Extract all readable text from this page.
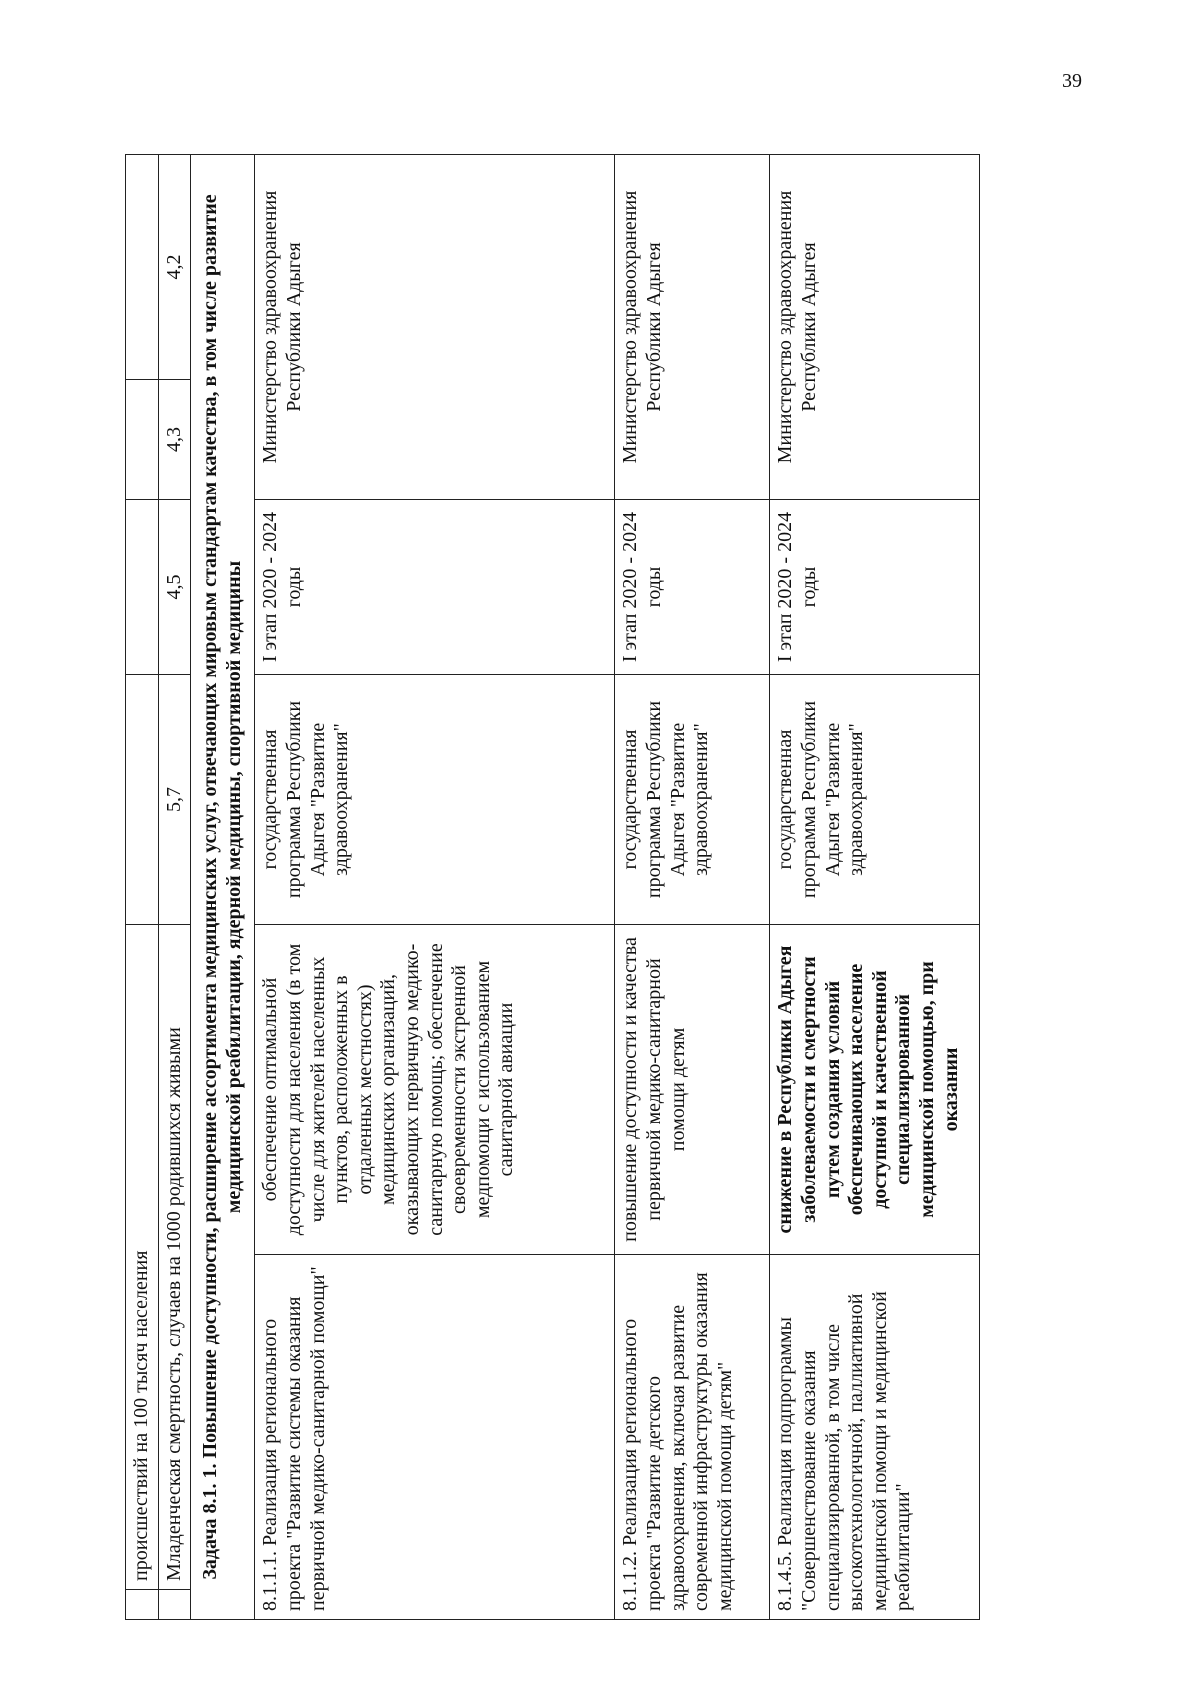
39
	происшествий на 100 тысяч населения					
	Младенческая смертность, случаев на 1000 родившихся живыми		5,7	4,5	4,3	4,2
Задача 8.1. 1. Повышение доступности, расширение ассортимента медицинских услуг, отвечающих мировым стандартам качества, в том числе развитие медицинской реабилитации, ядерной медицины, спортивной медицины						
8.1.1.1. Реализация регионального проекта "Развитие системы оказания первичной медико-санитарной помощи"		обеспечение оптимальной доступности для населения (в том числе для жителей населенных пунктов, расположенных в отдаленных местностях) медицинских организаций, оказывающих первичную медико-санитарную помощь; обеспечение своевременности экстренной медпомощи с использованием санитарной авиации	государственная программа Республики Адыгея "Развитие здравоохранения"	I этап 2020 - 2024 годы	Министерство здравоохранения Республики Адыгея	
8.1.1.2. Реализация регионального проекта "Развитие детского здравоохранения, включая развитие современной инфраструктуры оказания медицинской помощи детям"		повышение доступности и качества первичной медико-санитарной помощи детям	государственная программа Республики Адыгея "Развитие здравоохранения"	I этап 2020 - 2024 годы	Министерство здравоохранения Республики Адыгея	
8.1.4.5. Реализация подпрограммы "Совершенствование оказания специализированной, в том числе высокотехнологичной, паллиативной медицинской помощи и медицинской реабилитации"		снижение в Республики Адыгея заболеваемости и смертности путем создания условий обеспечивающих население доступной и качественной специализированной медицинской помощью, при оказании	государственная программа Республики Адыгея "Развитие здравоохранения"	I этап 2020 - 2024 годы	Министерство здравоохранения Республики Адыгея	
